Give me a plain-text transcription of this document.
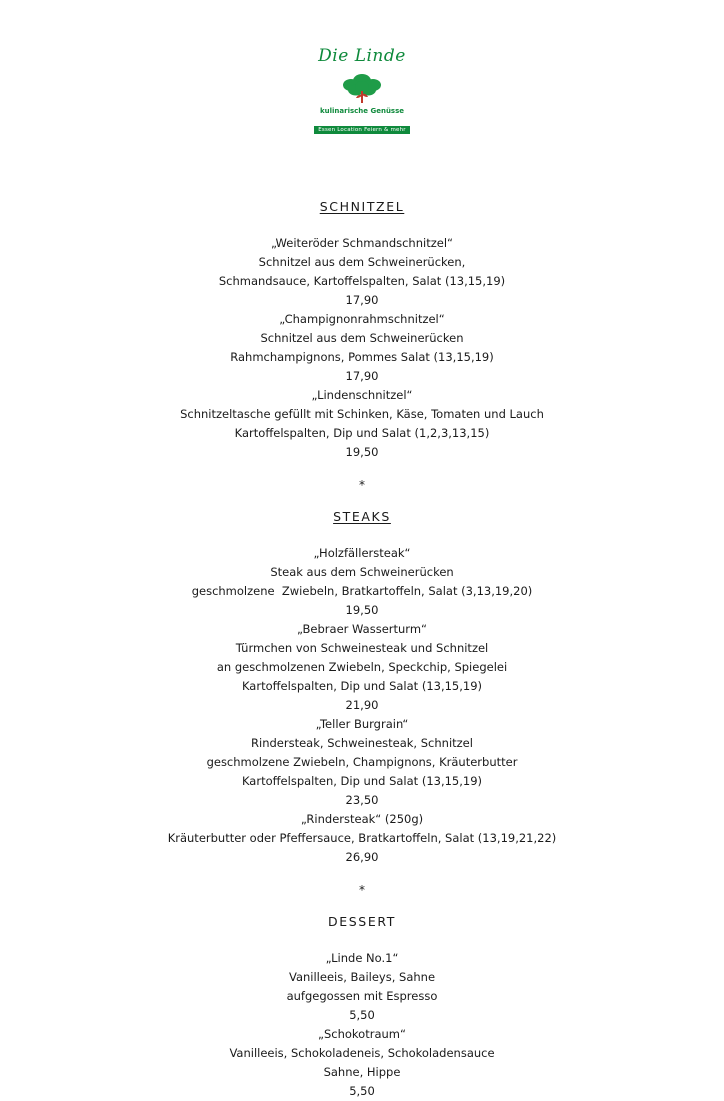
Die Linde
kulinarische Genüsse
Essen Location Feiern & mehr
SCHNITZEL
„Weiteröder Schmandschnitzel“
Schnitzel aus dem Schweinerücken,
Schmandsauce, Kartoffelspalten, Salat (13,15,19)
17,90
„Champignonrahmschnitzel“
Schnitzel aus dem Schweinerücken
Rahmchampignons, Pommes Salat (13,15,19)
17,90
„Lindenschnitzel“
Schnitzeltasche gefüllt mit Schinken, Käse, Tomaten und Lauch
Kartoffelspalten, Dip und Salat (1,2,3,13,15)
19,50
*
STEAKS
„Holzfällersteak“
Steak aus dem Schweinerücken
geschmolzene  Zwiebeln, Bratkartoffeln, Salat (3,13,19,20)
19,50
„Bebraer Wasserturm“
Türmchen von Schweinesteak und Schnitzel
an geschmolzenen Zwiebeln, Speckchip, Spiegelei
Kartoffelspalten, Dip und Salat (13,15,19)
21,90
„Teller Burgrain“
Rindersteak, Schweinesteak, Schnitzel
geschmolzene Zwiebeln, Champignons, Kräuterbutter
Kartoffelspalten, Dip und Salat (13,15,19)
23,50
„Rindersteak“ (250g)
Kräuterbutter oder Pfeffersauce, Bratkartoffeln, Salat (13,19,21,22)
26,90
*
DESSERT
„Linde No.1“
Vanilleeis, Baileys, Sahne
aufgegossen mit Espresso
5,50
„Schokotraum“
Vanilleeis, Schokoladeneis, Schokoladensauce
Sahne, Hippe
5,50
